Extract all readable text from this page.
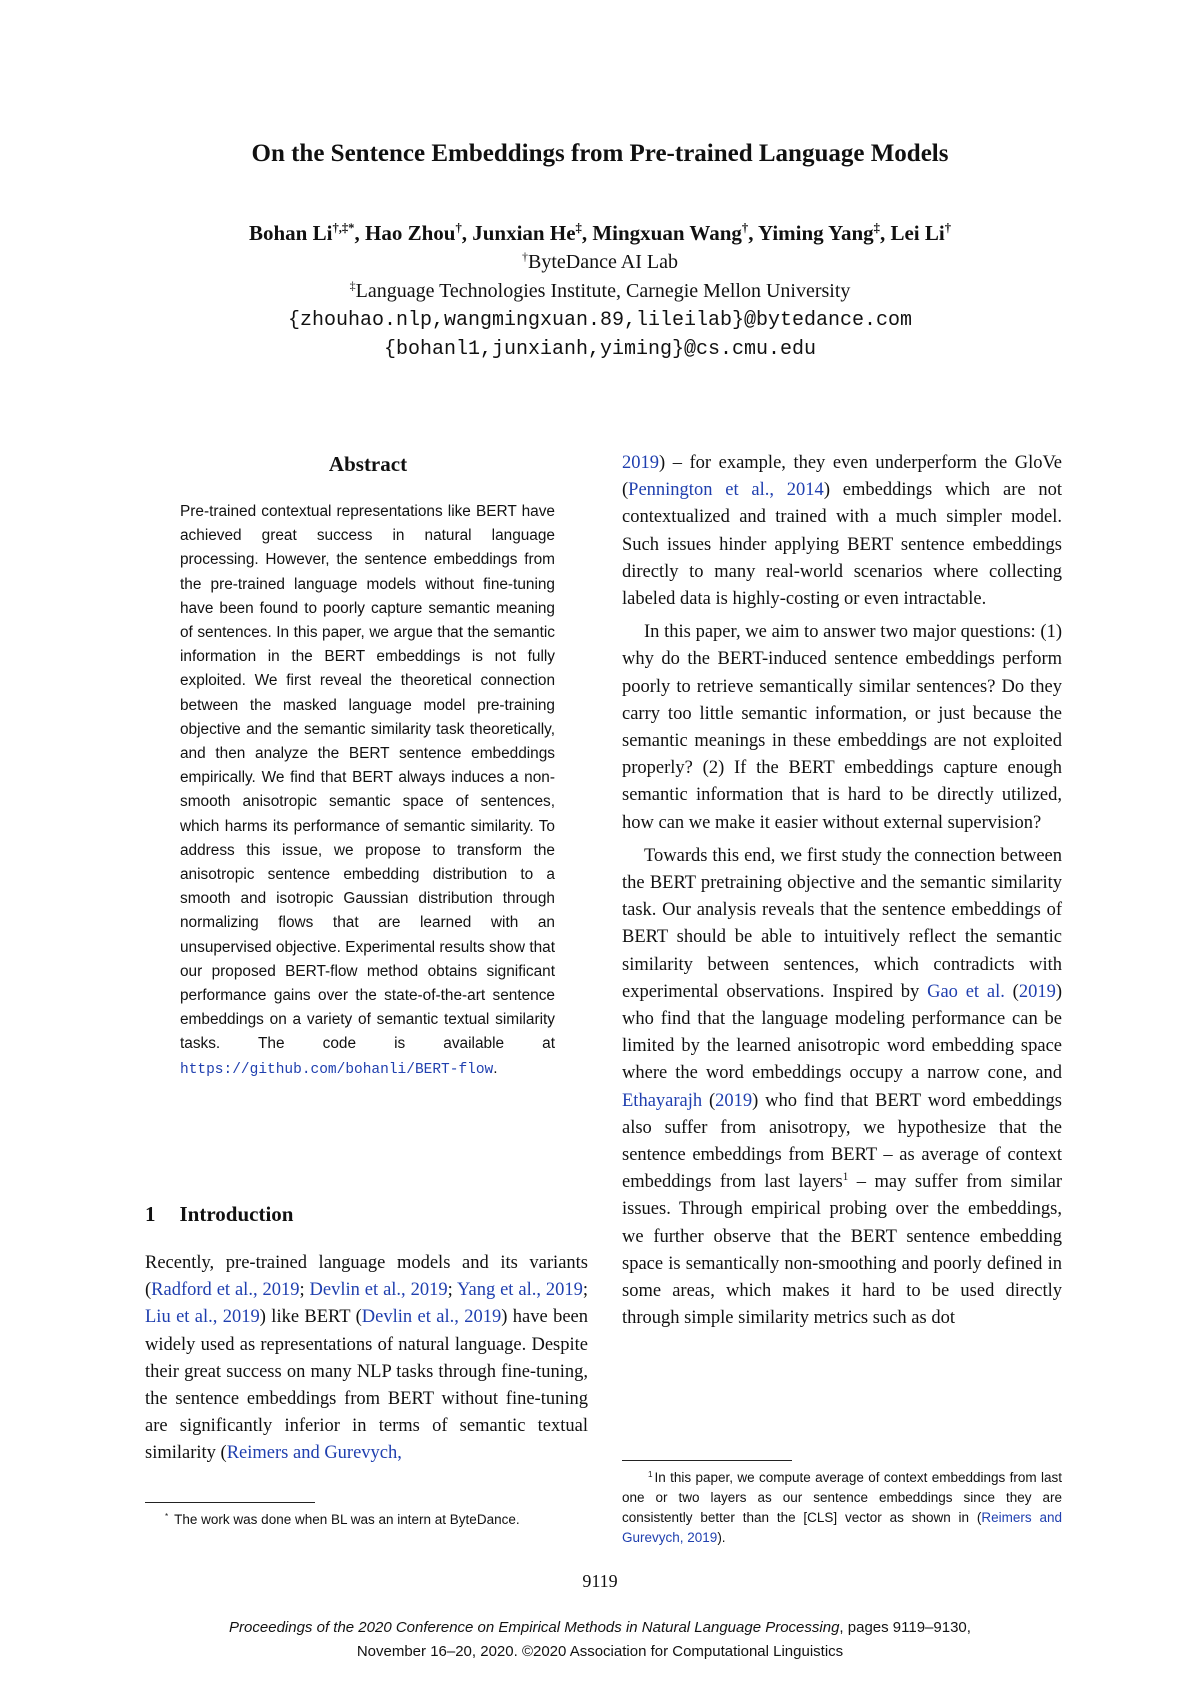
On the Sentence Embeddings from Pre-trained Language Models
Bohan Li†,‡*, Hao Zhou†, Junxian He‡, Mingxuan Wang†, Yiming Yang‡, Lei Li†
†ByteDance AI Lab
‡Language Technologies Institute, Carnegie Mellon University
{zhouhao.nlp,wangmingxuan.89,lileilab}@bytedance.com
{bohanl1,junxianh,yiming}@cs.cmu.edu
Abstract
Pre-trained contextual representations like BERT have achieved great success in natural language processing. However, the sentence embeddings from the pre-trained language models without fine-tuning have been found to poorly capture semantic meaning of sentences. In this paper, we argue that the semantic information in the BERT embeddings is not fully exploited. We first reveal the theoretical connection between the masked language model pre-training objective and the semantic similarity task theoretically, and then analyze the BERT sentence embeddings empirically. We find that BERT always induces a non-smooth anisotropic semantic space of sentences, which harms its performance of semantic similarity. To address this issue, we propose to transform the anisotropic sentence embedding distribution to a smooth and isotropic Gaussian distribution through normalizing flows that are learned with an unsupervised objective. Experimental results show that our proposed BERT-flow method obtains significant performance gains over the state-of-the-art sentence embeddings on a variety of semantic textual similarity tasks. The code is available at https://github.com/bohanli/BERT-flow.
1 Introduction

Recently, pre-trained language models and its variants (Radford et al., 2019; Devlin et al., 2019; Yang et al., 2019; Liu et al., 2019) like BERT (Devlin et al., 2019) have been widely used as representations of natural language. Despite their great success on many NLP tasks through fine-tuning, the sentence embeddings from BERT without fine-tuning are significantly inferior in terms of semantic textual similarity (Reimers and Gurevych,

* The work was done when BL was an intern at ByteDance.

2019) – for example, they even underperform the GloVe (Pennington et al., 2014) embeddings which are not contextualized and trained with a much simpler model. Such issues hinder applying BERT sentence embeddings directly to many real-world scenarios where collecting labeled data is highly-costing or even intractable.

In this paper, we aim to answer two major questions: (1) why do the BERT-induced sentence embeddings perform poorly to retrieve semantically similar sentences? Do they carry too little semantic information, or just because the semantic meanings in these embeddings are not exploited properly? (2) If the BERT embeddings capture enough semantic information that is hard to be directly utilized, how can we make it easier without external supervision?

Towards this end, we first study the connection between the BERT pretraining objective and the semantic similarity task. Our analysis reveals that the sentence embeddings of BERT should be able to intuitively reflect the semantic similarity between sentences, which contradicts with experimental observations. Inspired by Gao et al. (2019) who find that the language modeling performance can be limited by the learned anisotropic word embedding space where the word embeddings occupy a narrow cone, and Ethayarajh (2019) who find that BERT word embeddings also suffer from anisotropy, we hypothesize that the sentence embeddings from BERT – as average of context embeddings from last layers$^1$ – may suffer from similar issues. Through empirical probing over the embeddings, we further observe that the BERT sentence embedding space is semantically non-smoothing and poorly defined in some areas, which makes it hard to be used directly through simple similarity metrics such as dot

$^1$ In this paper, we compute average of context embeddings from last one or two layers as our sentence embeddings since they are consistently better than the [CLS] vector as shown in (Reimers and Gurevych, 2019).
9119
Proceedings of the 2020 Conference on Empirical Methods in Natural Language Processing, pages 9119–9130,
November 16–20, 2020. ©2020 Association for Computational Linguistics
